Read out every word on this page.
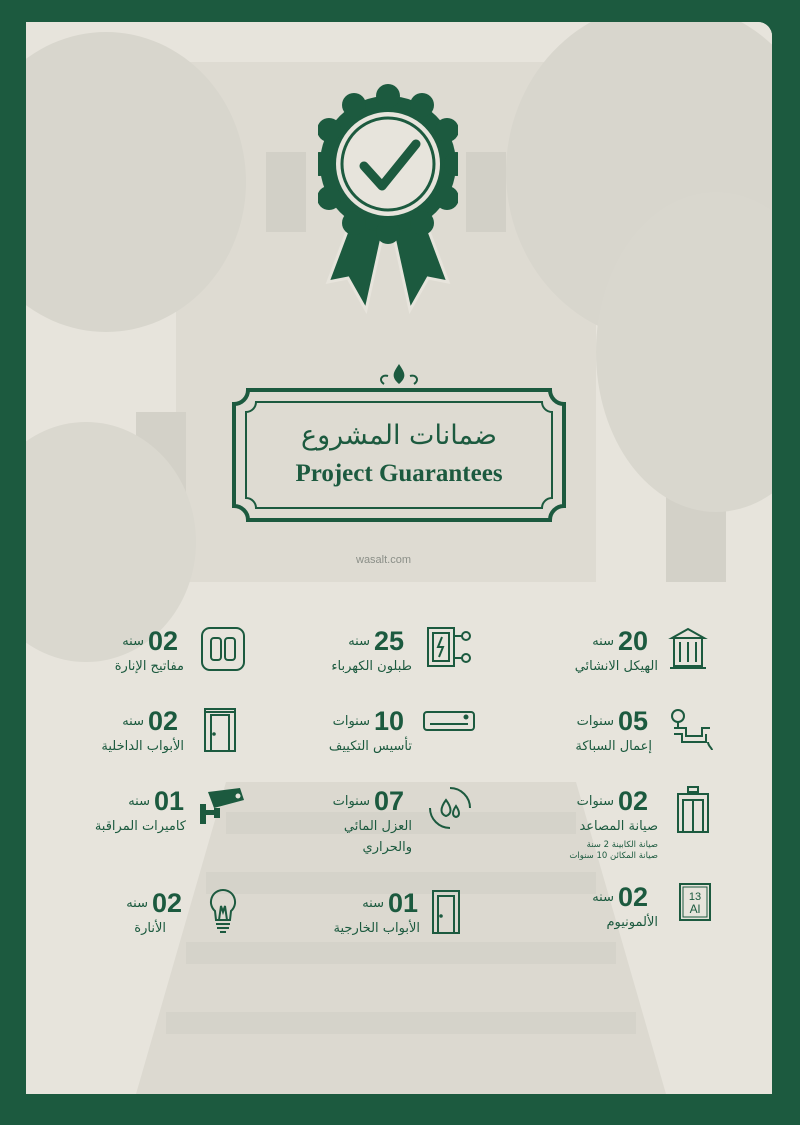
ضمانات المشروع
Project Guarantees
wasalt.com
20
سنه
الهيكل الانشائي
25
سنه
طبلون الكهرباء
02
سنه
مفاتيح الإنارة
05
سنوات
إعمال السباكة
10
سنوات
تأسيس التكييف
02
سنه
الأبواب الداخلية
02
سنوات
صيانة المصاعد
صيانة الكابينة 2 سنة
صيانة المكائن 10 سنوات
07
سنوات
العزل المائي
والحراري
01
سنه
كاميرات المراقبة
02
سنه
الألمونيوم
13
Al
01
سنه
الأبواب الخارجية
02
سنه
الأنارة
